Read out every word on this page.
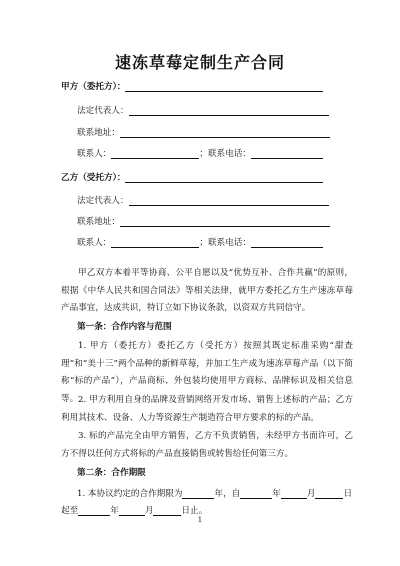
速冻草莓定制生产合同
甲方（委托方）：
法定代表人：
联系地址：
联系人：	；联系电话：
乙方（受托方）：
法定代表人：
联系地址：
联系人：	；联系电话：
甲乙双方本着平等协商、公平自愿以及“优势互补、合作共赢”的原则，根据《中华人民共和国合同法》等相关法律，就甲方委托乙方生产速冻草莓产品事宜，达成共识，特订立如下协议条款，以资双方共同信守。
第一条：合作内容与范围
1. 甲方（委托方）委托乙方（受托方）按照其既定标准采购“甜查理”和“美十三”两个品种的新鲜草莓，并加工生产成为速冻草莓产品（以下简称“标的产品”），产品商标、外包装均使用甲方商标、品牌标识及相关信息等。 2. 甲方利用自身的品牌及营销网络开发市场、销售上述标的产品；乙方利用其技术、设备、人力等资源生产制造符合甲方要求的标的产品。
3. 标的产品完全由甲方销售，乙方不负责销售，未经甲方书面许可，乙方不得以任何方式将标的产品直接销售或转售给任何第三方。
第二条：合作期限
1. 本协议约定的合作期限为	年，自	年	月	日
起至	年	月	日止。
1
